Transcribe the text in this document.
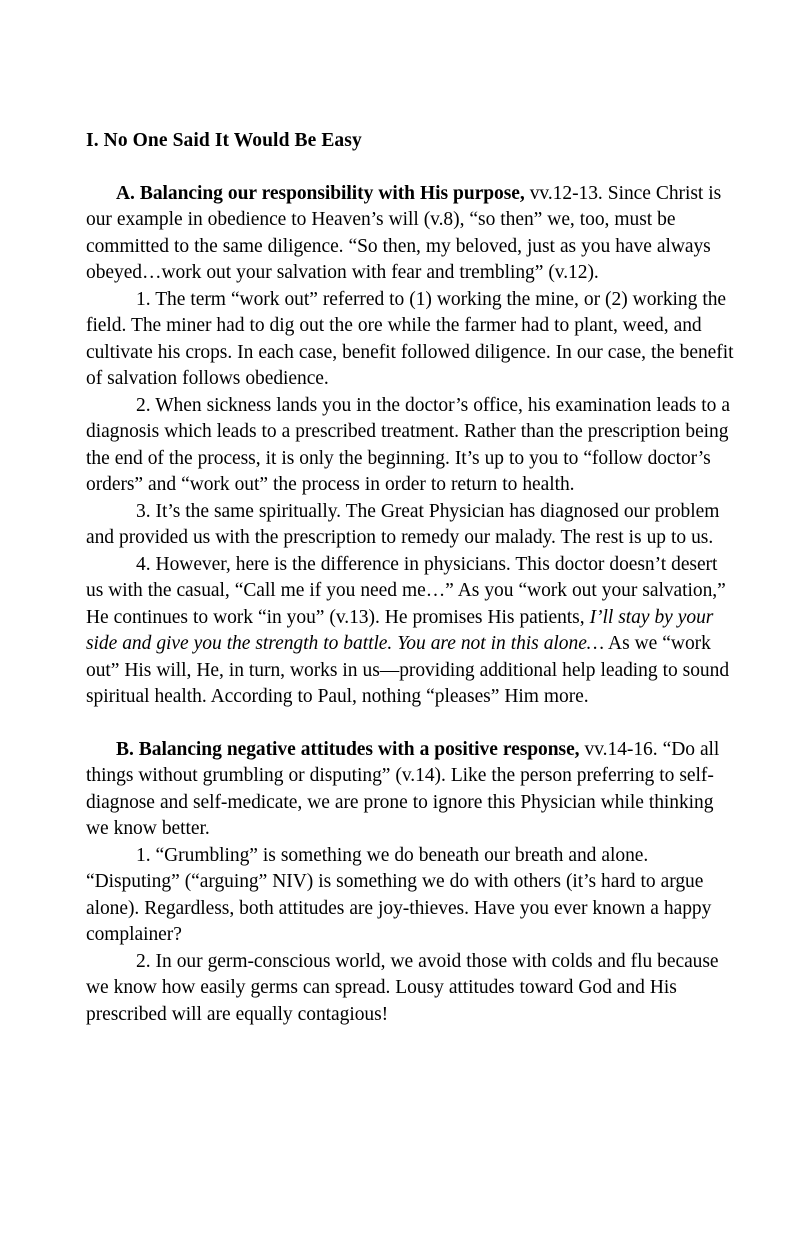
I. No One Said It Would Be Easy

A. Balancing our responsibility with His purpose, vv.12-13. Since Christ is our example in obedience to Heaven’s will (v.8), “so then” we, too, must be committed to the same diligence. “So then, my beloved, just as you have always obeyed…work out your salvation with fear and trembling” (v.12).

1. The term “work out” referred to (1) working the mine, or (2) working the field. The miner had to dig out the ore while the farmer had to plant, weed, and cultivate his crops. In each case, benefit followed diligence. In our case, the benefit of salvation follows obedience.

2. When sickness lands you in the doctor’s office, his examination leads to a diagnosis which leads to a prescribed treatment. Rather than the prescription being the end of the process, it is only the beginning. It’s up to you to “follow doctor’s orders” and “work out” the process in order to return to health.

3. It’s the same spiritually. The Great Physician has diagnosed our problem and provided us with the prescription to remedy our malady. The rest is up to us.

4. However, here is the difference in physicians. This doctor doesn’t desert us with the casual, “Call me if you need me…” As you “work out your salvation,” He continues to work “in you” (v.13). He promises His patients, I’ll stay by your side and give you the strength to battle. You are not in this alone… As we “work out” His will, He, in turn, works in us—providing additional help leading to sound spiritual health. According to Paul, nothing “pleases” Him more.

B. Balancing negative attitudes with a positive response, vv.14-16. “Do all things without grumbling or disputing” (v.14). Like the person preferring to self-diagnose and self-medicate, we are prone to ignore this Physician while thinking we know better.

1. “Grumbling” is something we do beneath our breath and alone. “Disputing” (“arguing” NIV) is something we do with others (it’s hard to argue alone). Regardless, both attitudes are joy-thieves. Have you ever known a happy complainer?

2. In our germ-conscious world, we avoid those with colds and flu because we know how easily germs can spread. Lousy attitudes toward God and His prescribed will are equally contagious!
